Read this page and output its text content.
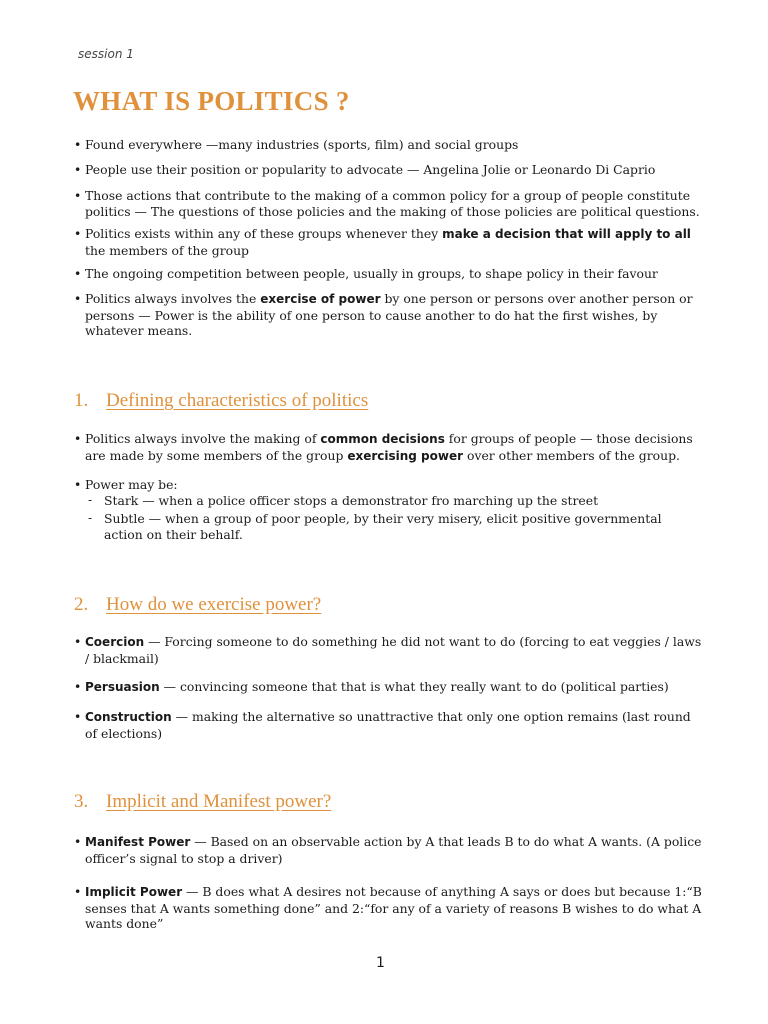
session 1
WHAT IS POLITICS ?
• Found everywhere —many industries (sports, film) and social groups
• People use their position or popularity to advocate — Angelina Jolie or Leonardo Di Caprio
• Those actions that contribute to the making of a common policy for a group of people constitute politics — The questions of those policies and the making of those policies are political questions.
• Politics exists within any of these groups whenever they make a decision that will apply to all the members of the group
• The ongoing competition between people, usually in groups, to shape policy in their favour
• Politics always involves the exercise of power by one person or persons over another person or persons — Power is the ability of one person to cause another to do hat the first wishes, by whatever means.
1. Defining characteristics of politics
• Politics always involve the making of common decisions for groups of people — those decisions are made by some members of the group exercising power over other members of the group.
• Power may be:
- Stark — when a police officer stops a demonstrator fro marching up the street
- Subtle — when a group of poor people, by their very misery, elicit positive governmental action on their behalf.
2. How do we exercise power?
• Coercion — Forcing someone to do something he did not want to do (forcing to eat veggies / laws / blackmail)
• Persuasion — convincing someone that that is what they really want to do (political parties)
• Construction — making the alternative so unattractive that only one option remains (last round of elections)
3. Implicit and Manifest power?
• Manifest Power — Based on an observable action by A that leads B to do what A wants. (A police officer’s signal to stop a driver)
• Implicit Power — B does what A desires not because of anything A says or does but because 1:“B senses that A wants something done” and 2:“for any of a variety of reasons B wishes to do what A wants done”
1
